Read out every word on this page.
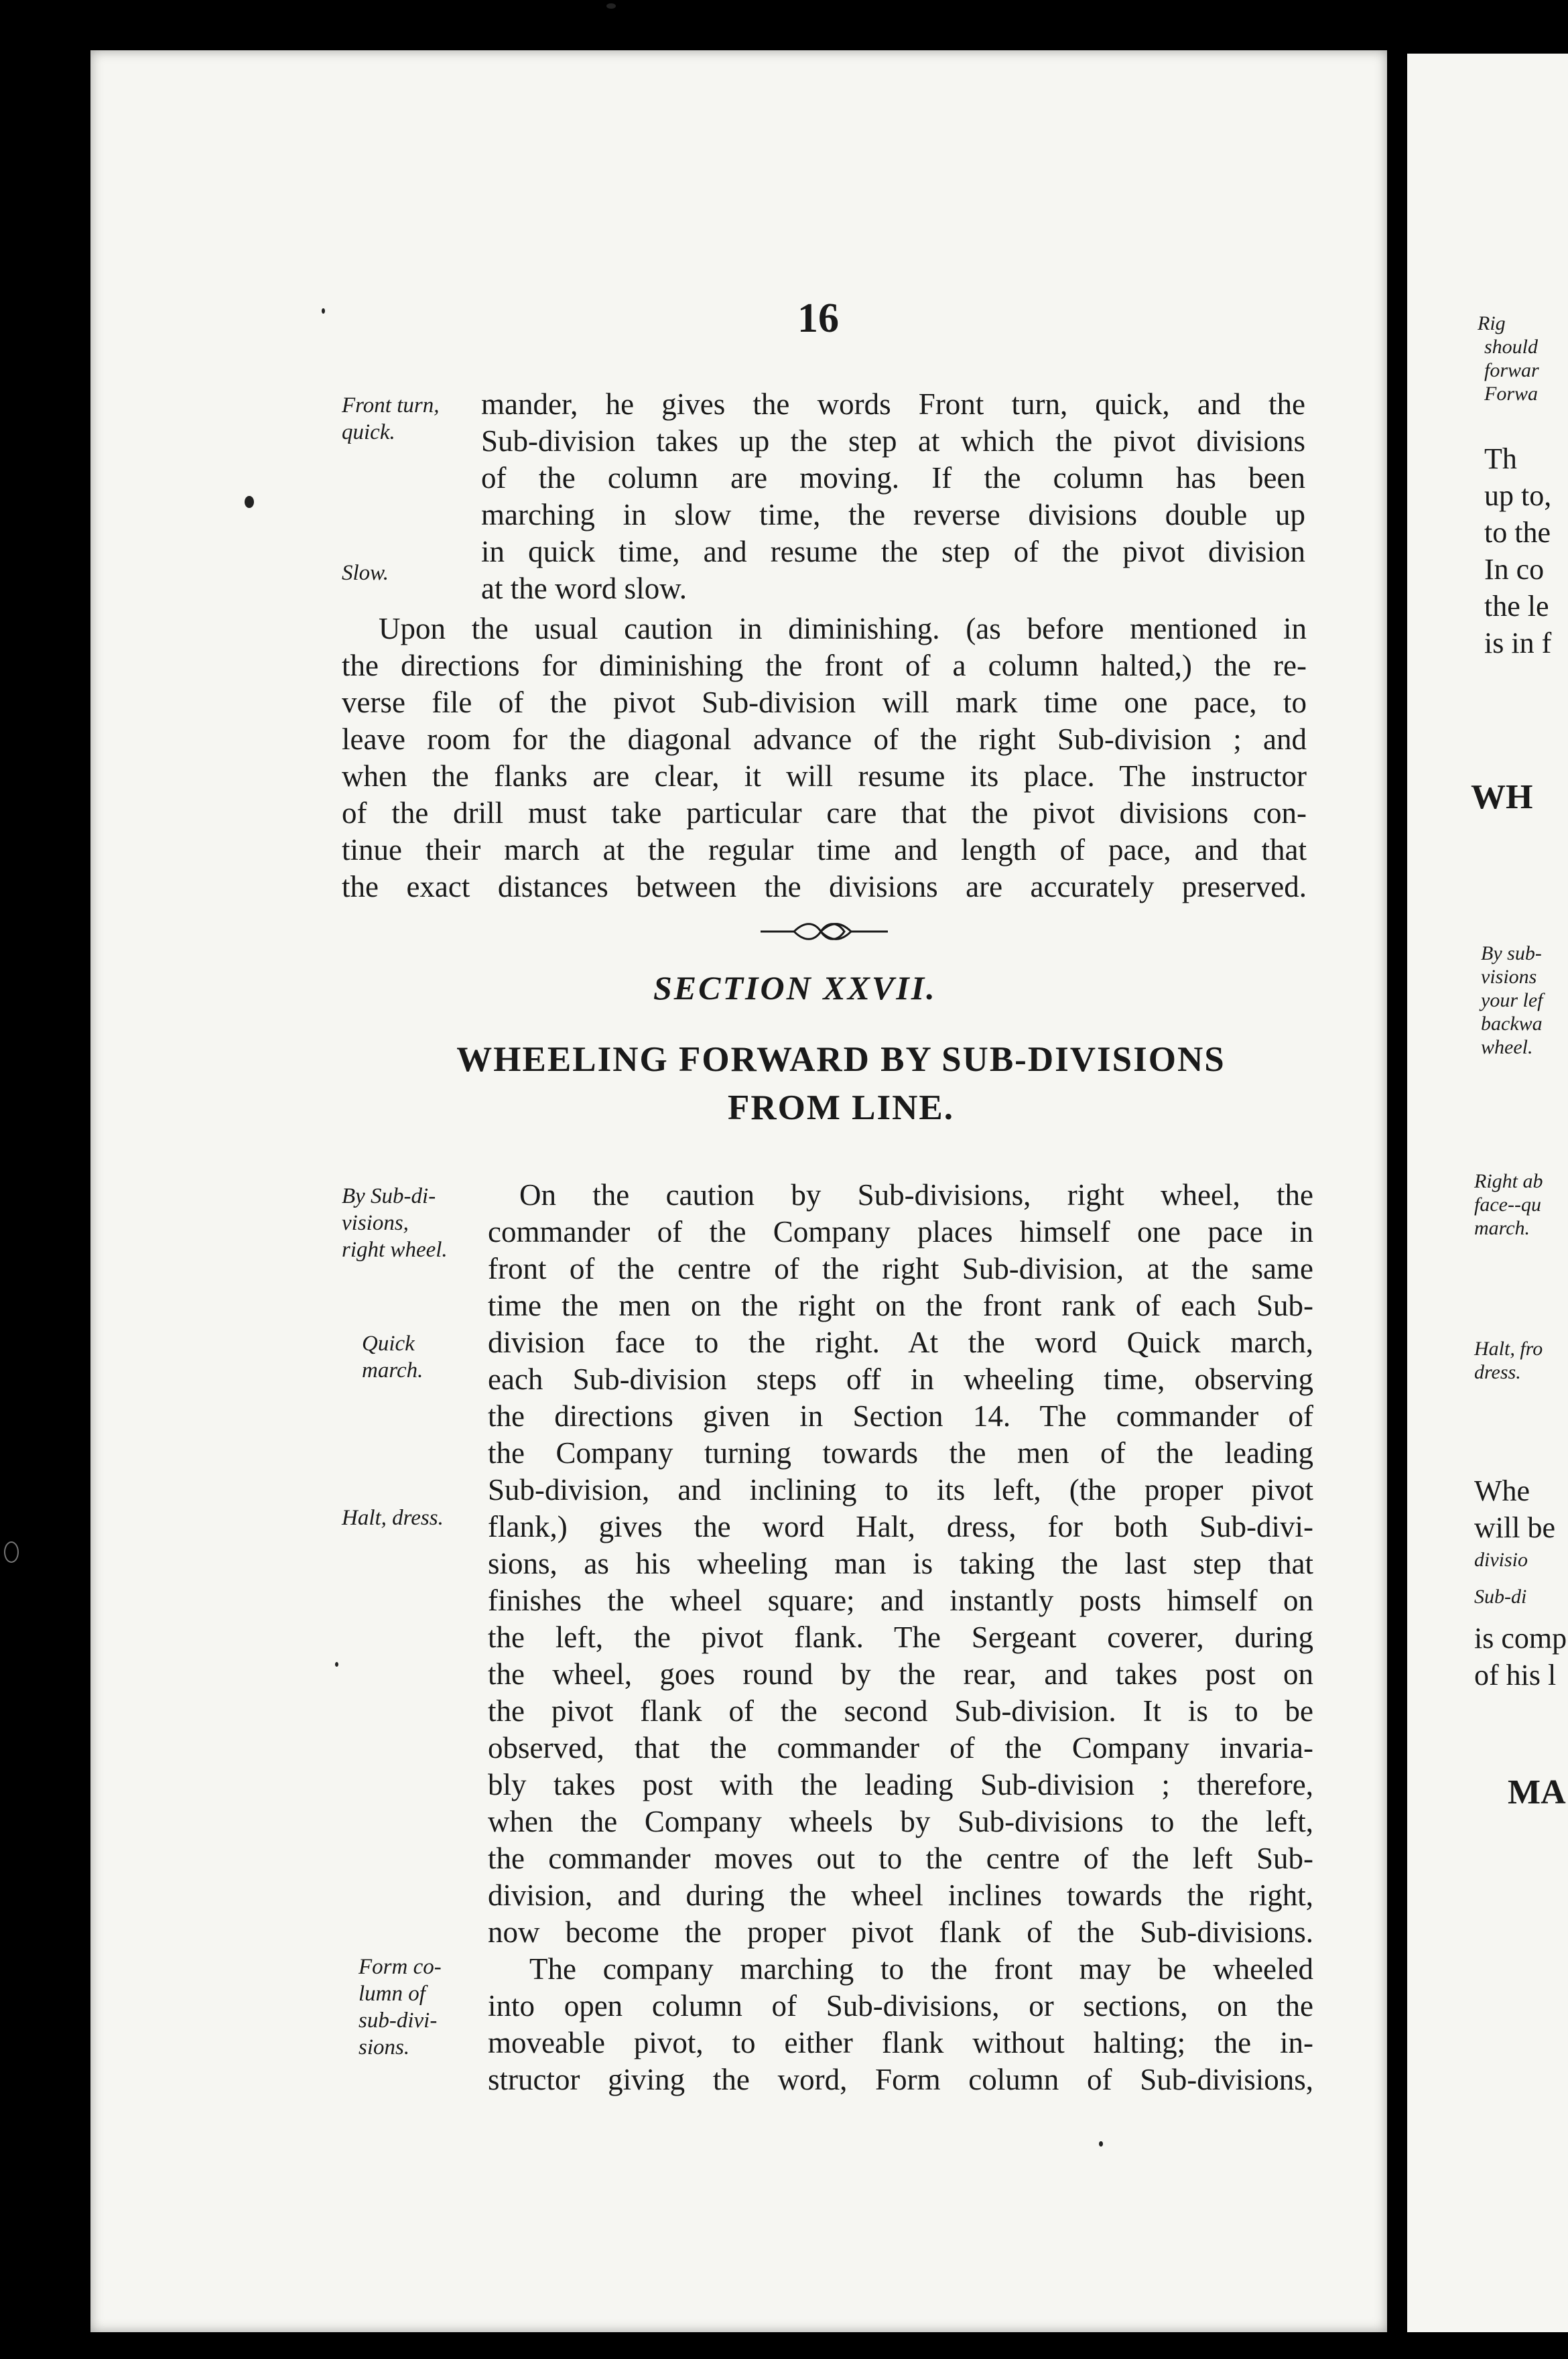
16
Front turn,
quick.
Slow.
By Sub-di-
visions,
right wheel.
Quick
march.
Halt, dress.
Form co-
lumn of
sub-divi-
sions.
mander, he gives the words Front turn, quick, and the
Sub-division takes up the step at which the pivot divisions
of the column are moving. If the column has been
marching in slow time, the reverse divisions double up
in quick time, and resume the step of the pivot division
at the word slow.
Upon the usual caution in diminishing. (as before mentioned in
the directions for diminishing the front of a column halted,) the re-
verse file of the pivot Sub-division will mark time one pace, to
leave room for the diagonal advance of the right Sub-division ; and
when the flanks are clear, it will resume its place. The instructor
of the drill must take particular care that the pivot divisions con-
tinue their march at the regular time and length of pace, and that
the exact distances between the divisions are accurately preserved.
On the caution by Sub-divisions, right wheel, the
commander of the Company places himself one pace in
front of the centre of the right Sub-division, at the same
time the men on the right on the front rank of each Sub-
division face to the right. At the word Quick march,
each Sub-division steps off in wheeling time, observing
the directions given in Section 14. The commander of
the Company turning towards the men of the leading
Sub-division, and inclining to its left, (the proper pivot
flank,) gives the word Halt, dress, for both Sub-divi-
sions, as his wheeling man is taking the last step that
finishes the wheel square; and instantly posts himself on
the left, the pivot flank. The Sergeant coverer, during
the wheel, goes round by the rear, and takes post on
the pivot flank of the second Sub-division. It is to be
observed, that the commander of the Company invaria-
bly takes post with the leading Sub-division ; therefore,
when the Company wheels by Sub-divisions to the left,
the commander moves out to the centre of the left Sub-
division, and during the wheel inclines towards the right,
now become the proper pivot flank of the Sub-divisions.
The company marching to the front may be wheeled
into open column of Sub-divisions, or sections, on the
moveable pivot, to either flank without halting; the in-
structor giving the word, Form column of Sub-divisions,
SECTION XXVII.
WHEELING FORWARD BY SUB-DIVISIONS
FROM LINE.
Rig
should
forwar
Forwa
Th
up to,
to the
In co
the le
is in f
WH
By sub-
visions
your lef
backwa
wheel.
Right ab
face--qu
march.
Halt, fro
dress.
Whe
will be
divisio
Sub-di
is comp
of his l
MA
